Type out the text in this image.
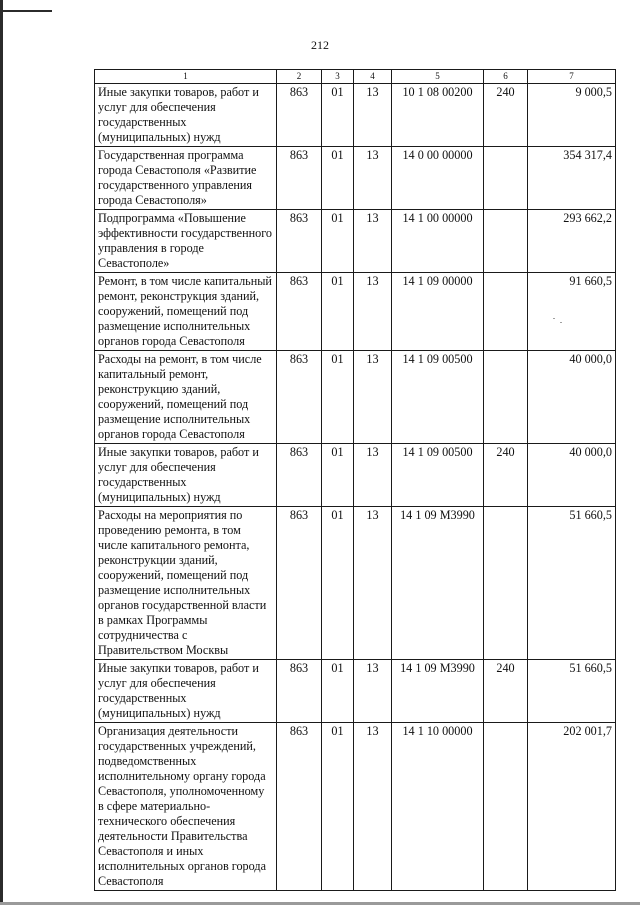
212
1	2	3	4	5	6	7
Иные закупки товаров, работ и услуг для обеспечения государственных (муниципальных) нужд	863	01	13	10 1 08 00200	240	9 000,5
Государственная программа города Севастополя «Развитие государственного управления города Севастополя»	863	01	13	14 0 00 00000		354 317,4
Подпрограмма «Повышение эффективности государственного управления в городе Севастополе»	863	01	13	14 1 00 00000		293 662,2
Ремонт, в том числе капитальный ремонт, реконструкция зданий, сооружений, помещений под размещение исполнительных органов города Севастополя	863	01	13	14 1 09 00000		91 660,5
Расходы на ремонт, в том числе капитальный ремонт, реконструкцию зданий, сооружений, помещений под размещение исполнительных органов города Севастополя	863	01	13	14 1 09 00500		40 000,0
Иные закупки товаров, работ и услуг для обеспечения государственных (муниципальных) нужд	863	01	13	14 1 09 00500	240	40 000,0
Расходы на мероприятия по проведению ремонта, в том числе капитального ремонта, реконструкции зданий, сооружений, помещений под размещение исполнительных органов государственной власти в рамках Программы сотрудничества с Правительством Москвы	863	01	13	14 1 09 М3990		51 660,5
Иные закупки товаров, работ и услуг для обеспечения государственных (муниципальных) нужд	863	01	13	14 1 09 М3990	240	51 660,5
Организация деятельности государственных учреждений, подведомственных исполнительному органу города Севастополя, уполномоченному в сфере материально-технического обеспечения деятельности Правительства Севастополя и иных исполнительных органов города Севастополя	863	01	13	14 1 10 00000		202 001,7
